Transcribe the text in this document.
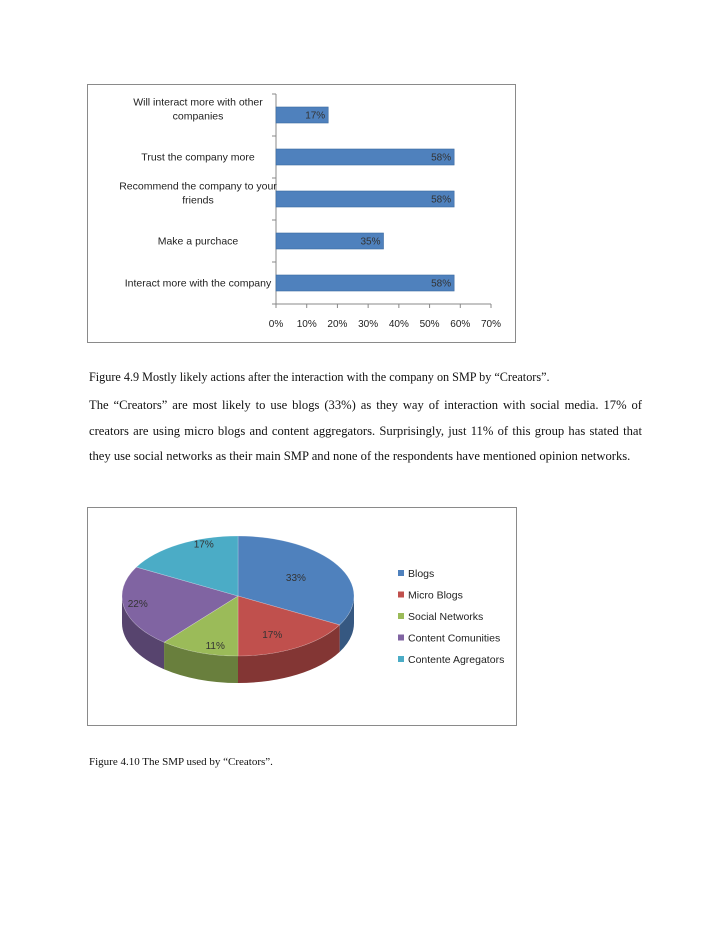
0% 10% 20% 30% 40% 50% 60% 70%
17%
Will interact more with other
companies
58%
Trust the company more
58%
Recommend the company to your
friends
35%
Make a purchace
58%
Interact more with the company
Figure 4.9 Mostly likely actions after the interaction with the company on SMP by “Creators”.

The “Creators” are most likely to use blogs (33%) as they way of interaction with social media. 17% of creators are using micro blogs and content aggregators. Surprisingly, just 11% of this group has stated that they use social networks as their main SMP and none of the respondents have mentioned opinion networks.

33%
17%
11%
22%
17%
Blogs
Micro Blogs
Social Networks
Content Comunities
Contente Agregators
Figure 4.10 The SMP used by “Creators”.
